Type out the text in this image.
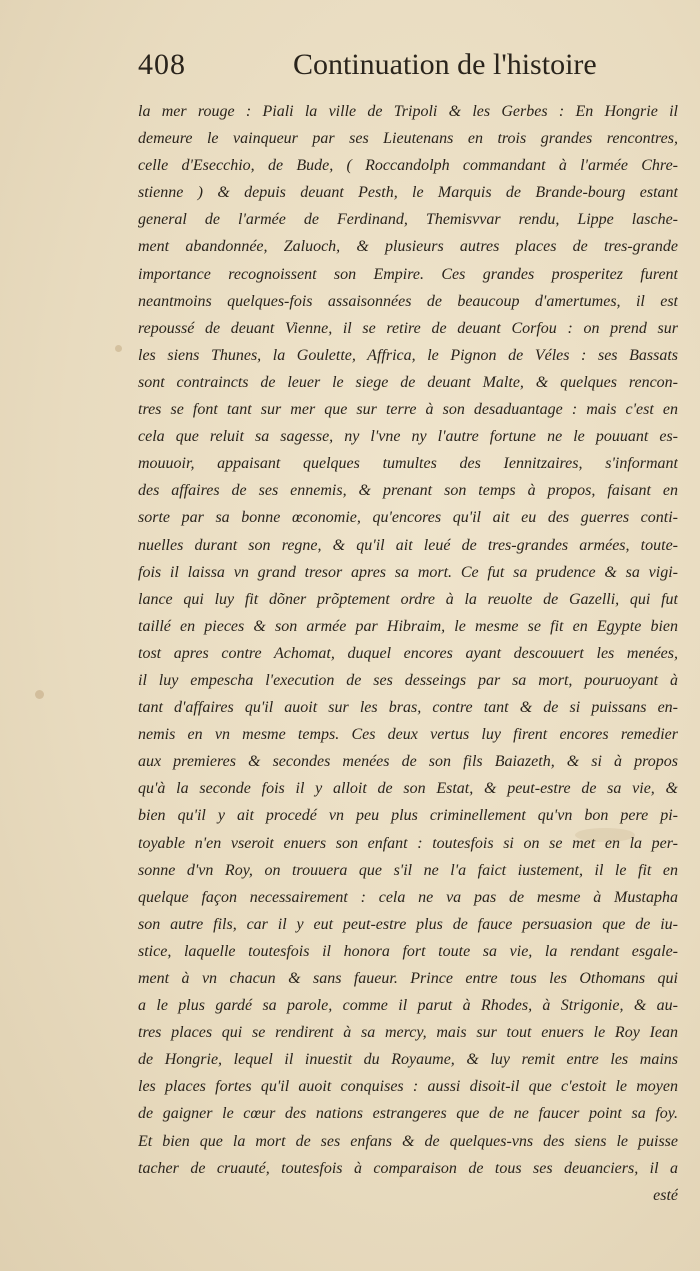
408	Continuation de l'histoire
la mer rouge : Piali la ville de Tripoli & les Gerbes : En Hongrie il
demeure le vainqueur par ses Lieutenans en trois grandes rencontres,
celle d'Esecchio, de Bude, ( Roccandolph commandant à l'armée Chre-
stienne ) & depuis deuant Pesth, le Marquis de Brande-bourg estant
general de l'armée de Ferdinand, Themisvvar rendu, Lippe lasche-
ment abandonnée, Zaluoch, & plusieurs autres places de tres-grande
importance recognoissent son Empire. Ces grandes prosperitez furent
neantmoins quelques-fois assaisonnées de beaucoup d'amertumes, il est
repoussé de deuant Vienne, il se retire de deuant Corfou : on prend sur
les siens Thunes, la Goulette, Affrica, le Pignon de Véles : ses Bassats
sont contraincts de leuer le siege de deuant Malte, & quelques rencon-
tres se font tant sur mer que sur terre à son desaduantage : mais c'est en
cela que reluit sa sagesse, ny l'vne ny l'autre fortune ne le pouuant es-
mouuoir, appaisant quelques tumultes des Iennitzaires, s'informant
des affaires de ses ennemis, & prenant son temps à propos, faisant en
sorte par sa bonne œconomie, qu'encores qu'il ait eu des guerres conti-
nuelles durant son regne, & qu'il ait leué de tres-grandes armées, toute-
fois il laissa vn grand tresor apres sa mort. Ce fut sa prudence & sa vigi-
lance qui luy fit dõner prõptement ordre à la reuolte de Gazelli, qui fut
taillé en pieces & son armée par Hibraim, le mesme se fit en Egypte bien
tost apres contre Achomat, duquel encores ayant descouuert les menées,
il luy empescha l'execution de ses desseings par sa mort, pouruoyant à
tant d'affaires qu'il auoit sur les bras, contre tant & de si puissans en-
nemis en vn mesme temps. Ces deux vertus luy firent encores remedier
aux premieres & secondes menées de son fils Baiazeth, & si à propos
qu'à la seconde fois il y alloit de son Estat, & peut-estre de sa vie, &
bien qu'il y ait procedé vn peu plus criminellement qu'vn bon pere pi-
toyable n'en vseroit enuers son enfant : toutesfois si on se met en la per-
sonne d'vn Roy, on trouuera que s'il ne l'a faict iustement, il le fit en
quelque façon necessairement : cela ne va pas de mesme à Mustapha
son autre fils, car il y eut peut-estre plus de fauce persuasion que de iu-
stice, laquelle toutesfois il honora fort toute sa vie, la rendant esgale-
ment à vn chacun & sans faueur. Prince entre tous les Othomans qui
a le plus gardé sa parole, comme il parut à Rhodes, à Strigonie, & au-
tres places qui se rendirent à sa mercy, mais sur tout enuers le Roy Iean
de Hongrie, lequel il inuestit du Royaume, & luy remit entre les mains
les places fortes qu'il auoit conquises : aussi disoit-il que c'estoit le moyen
de gaigner le cœur des nations estrangeres que de ne faucer point sa foy.
Et bien que la mort de ses enfans & de quelques-vns des siens le puisse
tacher de cruauté, toutesfois à comparaison de tous ses deuanciers, il a
esté
